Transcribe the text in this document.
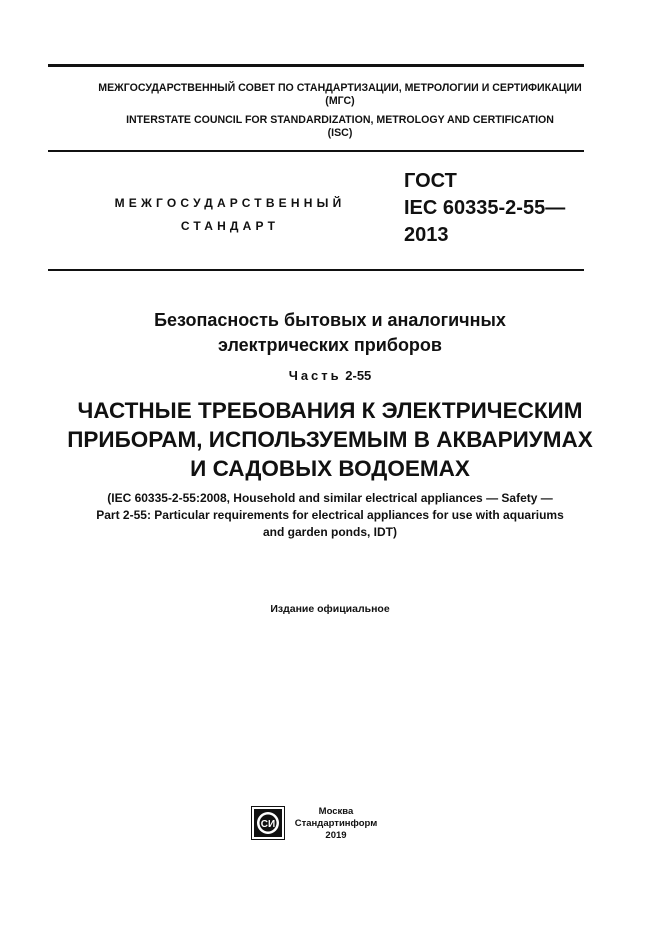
МЕЖГОСУДАРСТВЕННЫЙ СОВЕТ ПО СТАНДАРТИЗАЦИИ, МЕТРОЛОГИИ И СЕРТИФИКАЦИИ
(МГС)
INTERSTATE COUNCIL FOR STANDARDIZATION, METROLOGY AND CERTIFICATION
(ISC)
МЕЖГОСУДАРСТВЕННЫЙ
СТАНДАРТ
ГОСТ
IEC 60335-2-55—
2013
Безопасность бытовых и аналогичных
электрических приборов
Часть 2-55
ЧАСТНЫЕ ТРЕБОВАНИЯ К ЭЛЕКТРИЧЕСКИМ
ПРИБОРАМ, ИСПОЛЬЗУЕМЫМ В АКВАРИУМАХ
И САДОВЫХ ВОДОЕМАХ
(IEC 60335-2-55:2008, Household and similar electrical appliances — Safety —
Part 2-55: Particular requirements for electrical appliances for use with aquariums
and garden ponds, IDT)
Издание официальное
СИ
Москва
Стандартинформ
2019
